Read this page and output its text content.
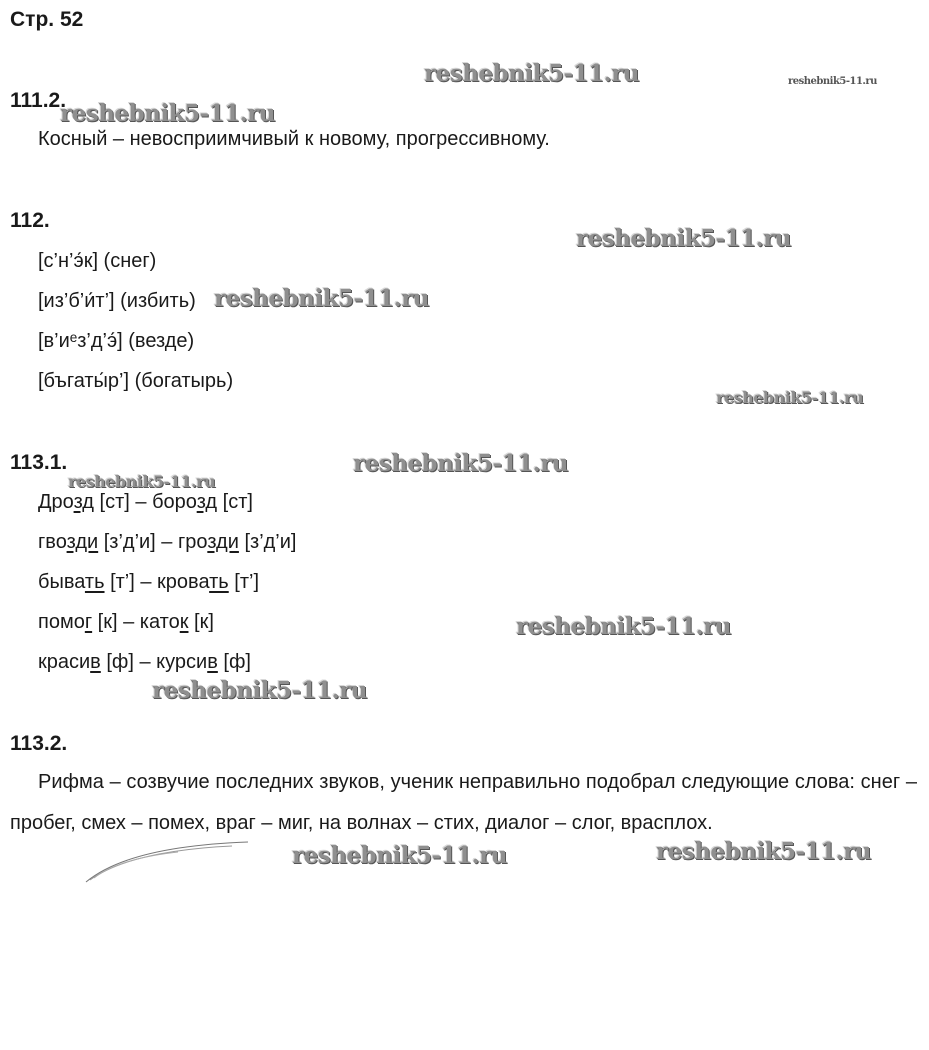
Стр. 52
111.2.
Косный – невосприимчивый к новому, прогрессивному.
112.
[с’н’э́к] (снег)
[из’б’и́т’] (избить)
[в’иᵉз’д’э́] (везде)
[бъгаты́р’] (богатырь)
113.1.
Дрозд [ст] – борозд [ст]
гвозди [з’д’и] – грозди [з’д’и]
бывать [т’] – кровать [т’]
помог [к] – каток [к]
красив [ф] – курсив [ф]
113.2.
Рифма – созвучие последних звуков, ученик неправильно подобрал следующие слова: снег – пробег, смех – помех, враг – миг, на волнах – стих, диалог – слог, врасплох.
reshebnik5-11.ru	reshebnik5-11.ru
reshebnik5-11.ru
reshebnik5-11.ru
reshebnik5-11.ru
reshebnik5-11.ru
reshebnik5-11.ru
reshebnik5-11.ru
reshebnik5-11.ru
reshebnik5-11.ru
reshebnik5-11.ru	reshebnik5-11.ru
